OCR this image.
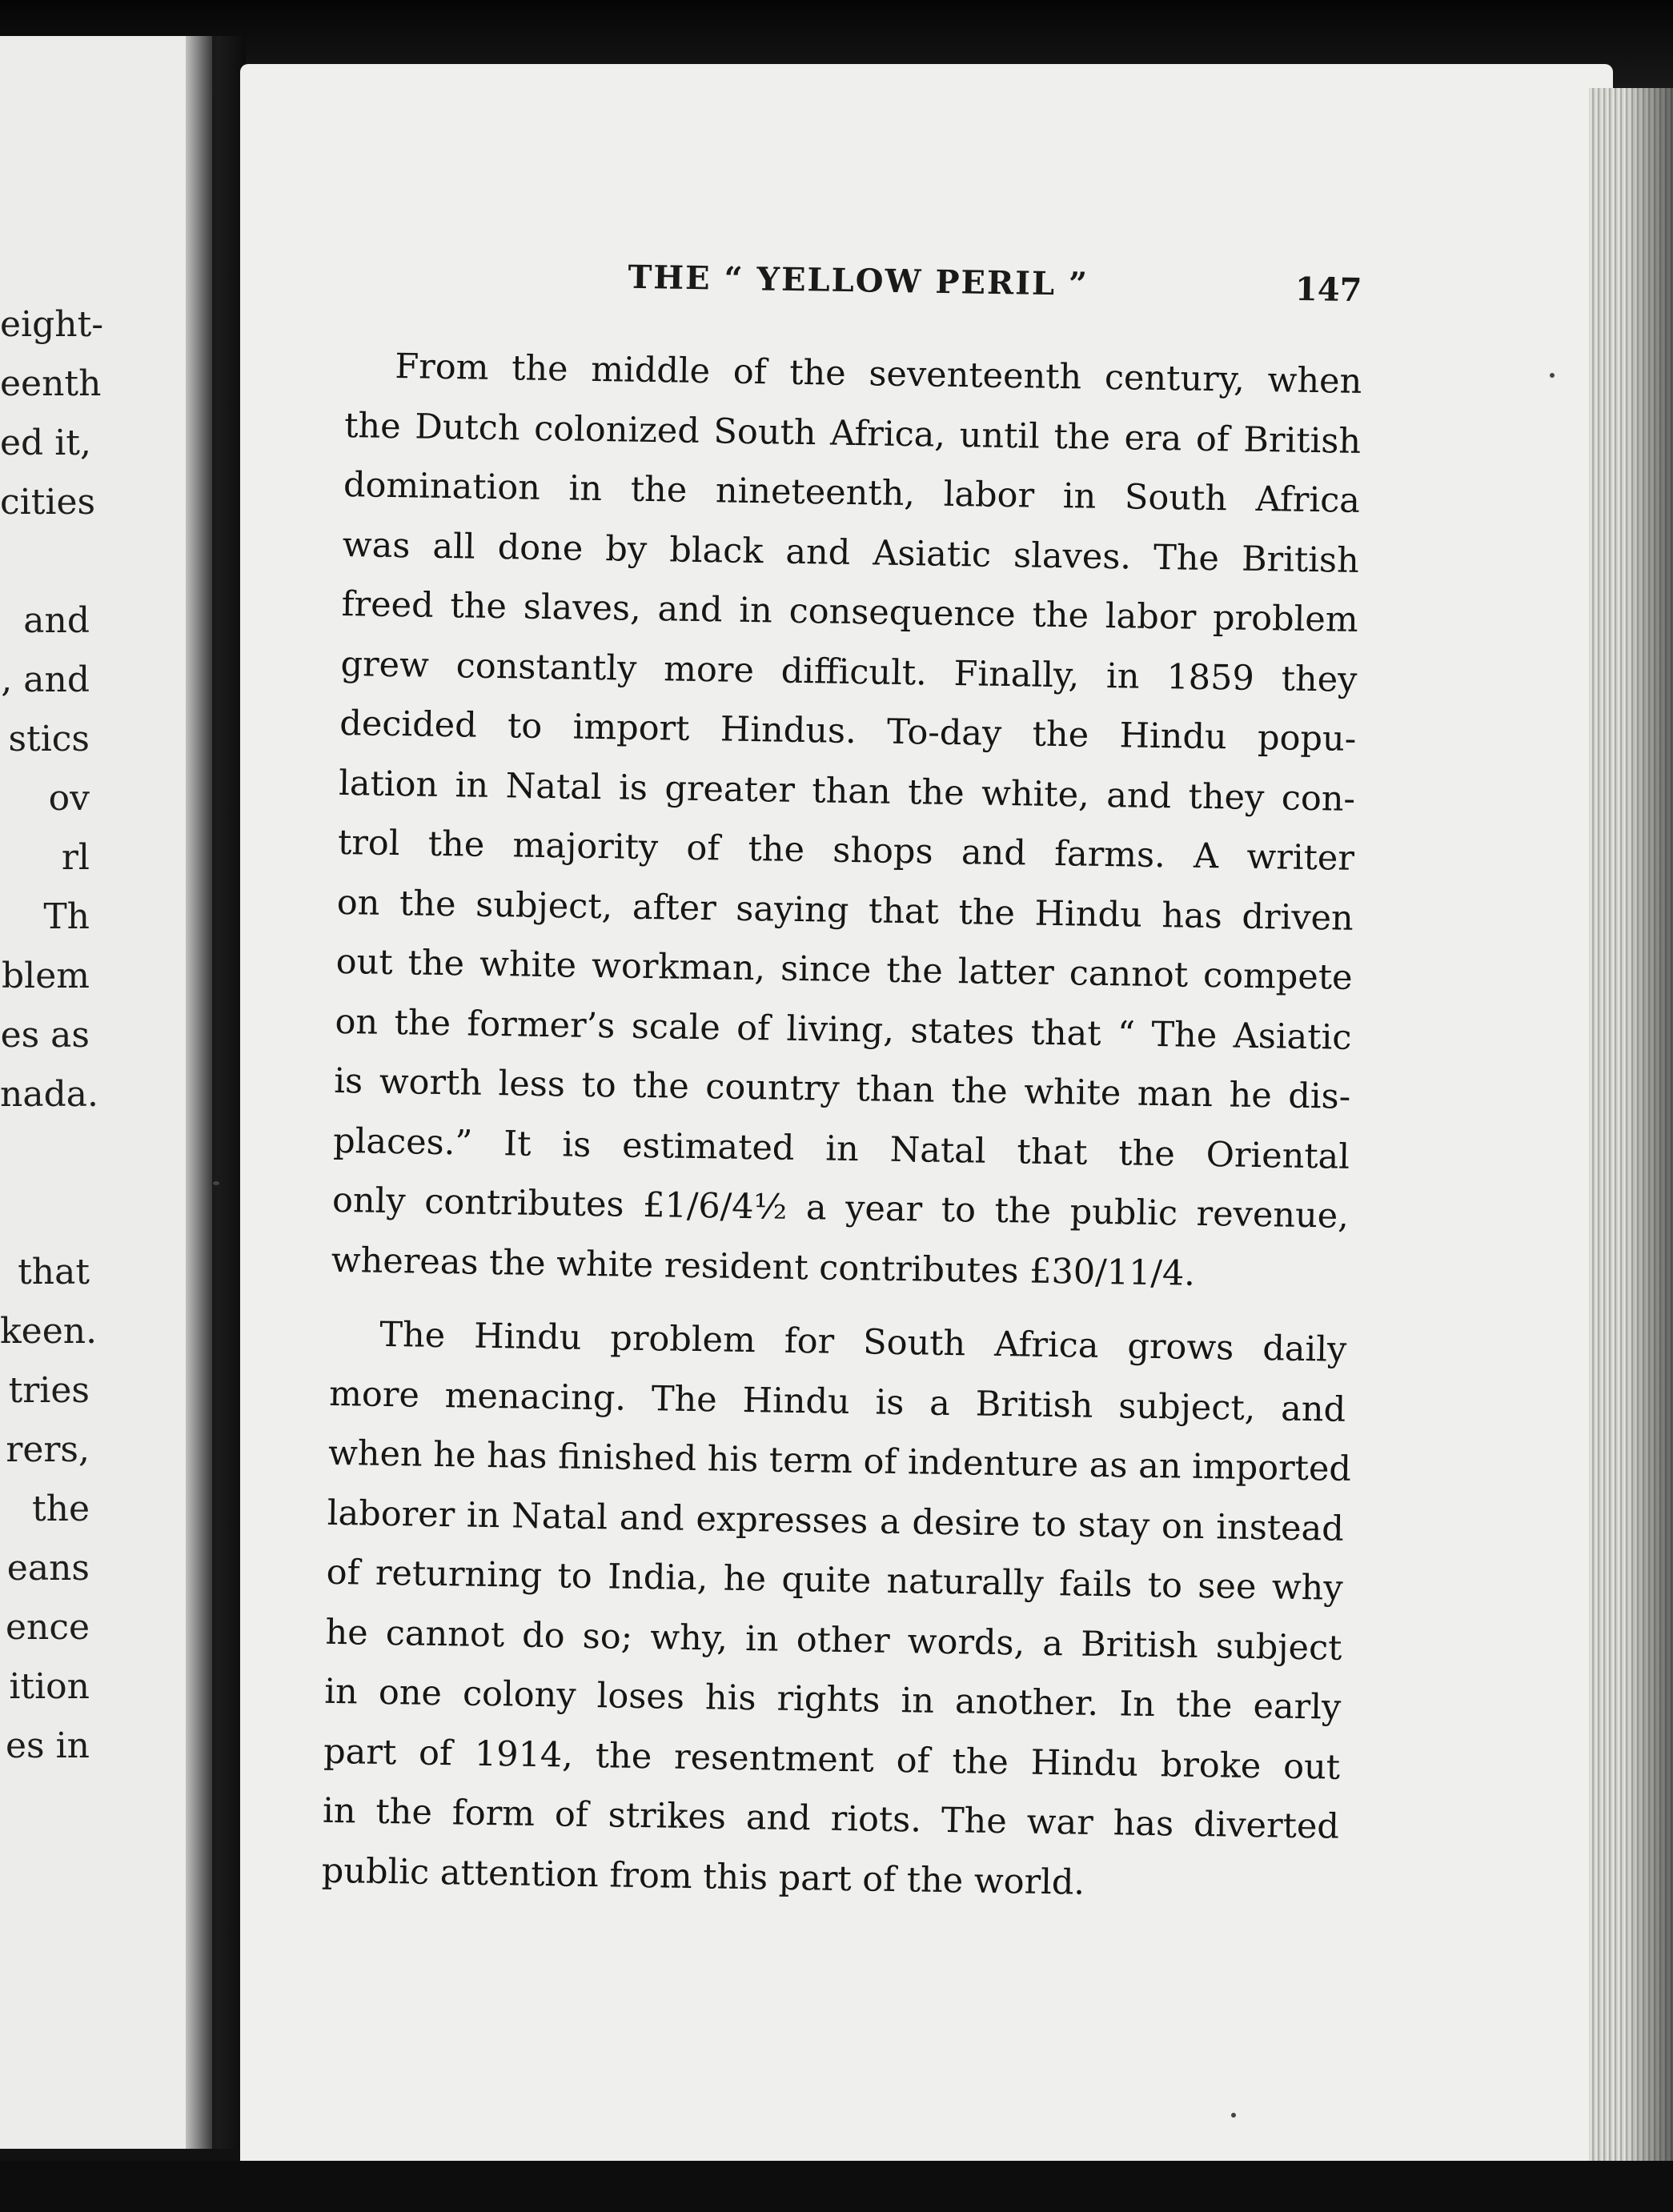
eight-
eenth
ed it,
cities
and
, and
stics
ov
rl
Th
blem
es as
nada.
that
keen.
tries
rers,
the
eans
ence
ition
es in
THE “ YELLOW PERIL ”	147
From the middle of the seventeenth century, when
the Dutch colonized South Africa, until the era of British
domination in the nineteenth, labor in South Africa
was all done by black and Asiatic slaves. The British
freed the slaves, and in consequence the labor problem
grew constantly more difficult. Finally, in 1859 they
decided to import Hindus. To-day the Hindu popu-
lation in Natal is greater than the white, and they con-
trol the majority of the shops and farms. A writer
on the subject, after saying that the Hindu has driven
out the white workman, since the latter cannot compete
on the former’s scale of living, states that “ The Asiatic
is worth less to the country than the white man he dis-
places.” It is estimated in Natal that the Oriental
only contributes £1/6/4½ a year to the public revenue,
whereas the white resident contributes £30/11/4.
The Hindu problem for South Africa grows daily
more menacing. The Hindu is a British subject, and
when he has finished his term of indenture as an imported
laborer in Natal and expresses a desire to stay on instead
of returning to India, he quite naturally fails to see why
he cannot do so; why, in other words, a British subject
in one colony loses his rights in another. In the early
part of 1914, the resentment of the Hindu broke out
in the form of strikes and riots. The war has diverted
public attention from this part of the world.
